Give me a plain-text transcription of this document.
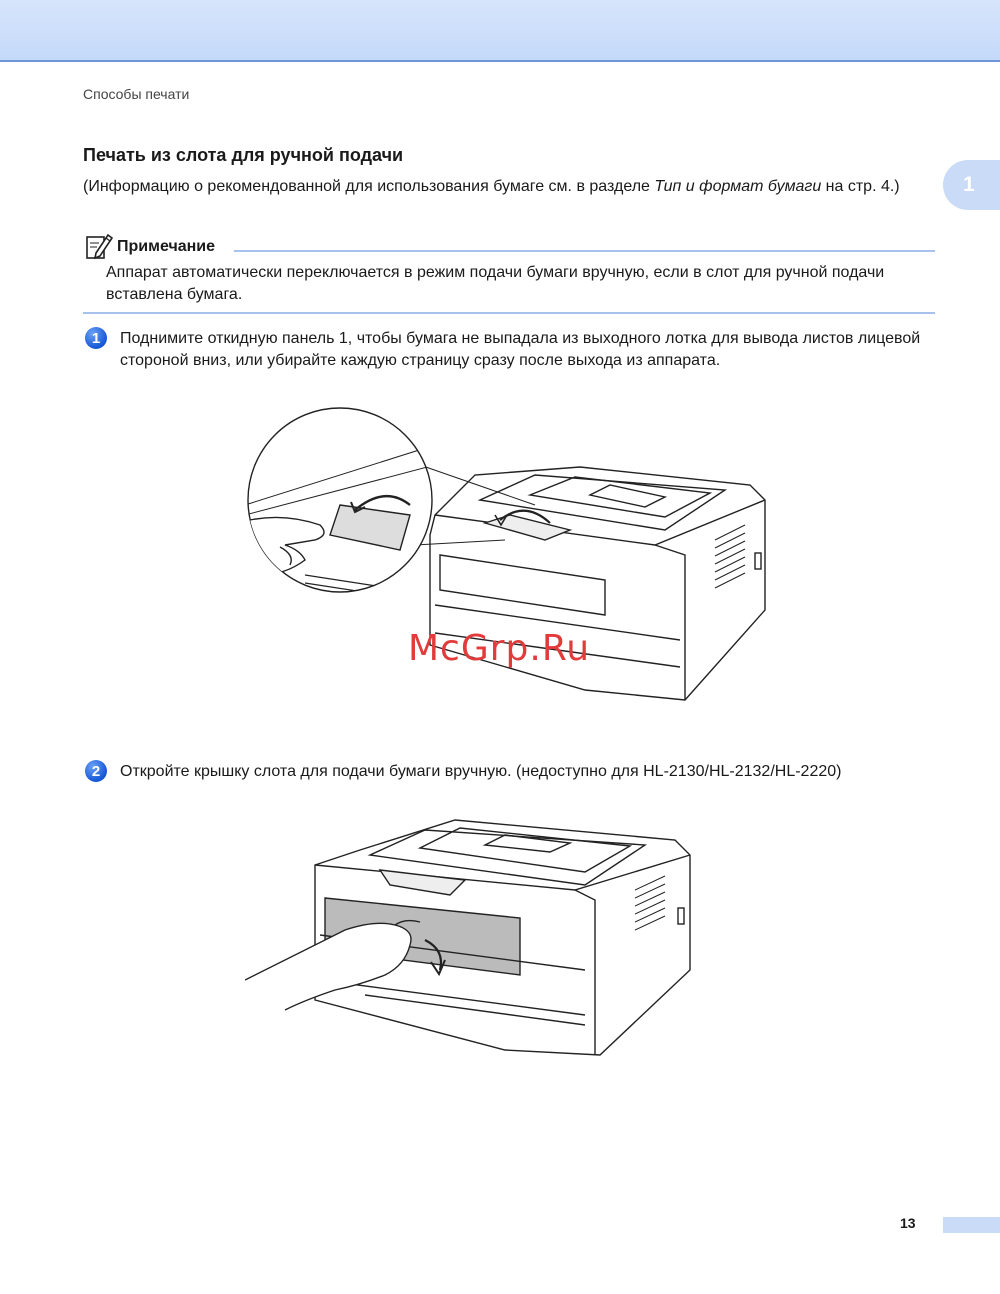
Способы печати
1
Печать из слота для ручной подачи
(Информацию о рекомендованной для использования бумаге см. в разделе Тип и формат бумаги на стр. 4.)
Примечание
Аппарат автоматически переключается в режим подачи бумаги вручную, если в слот для ручной подачи вставлена бумага.
1	Поднимите откидную панель 1, чтобы бумага не выпадала из выходного лотка для вывода листов лицевой стороной вниз, или убирайте каждую страницу сразу после выхода из аппарата.
McGrp.Ru
2	Откройте крышку слота для подачи бумаги вручную. (недоступно для HL-2130/HL-2132/HL-2220)
13
